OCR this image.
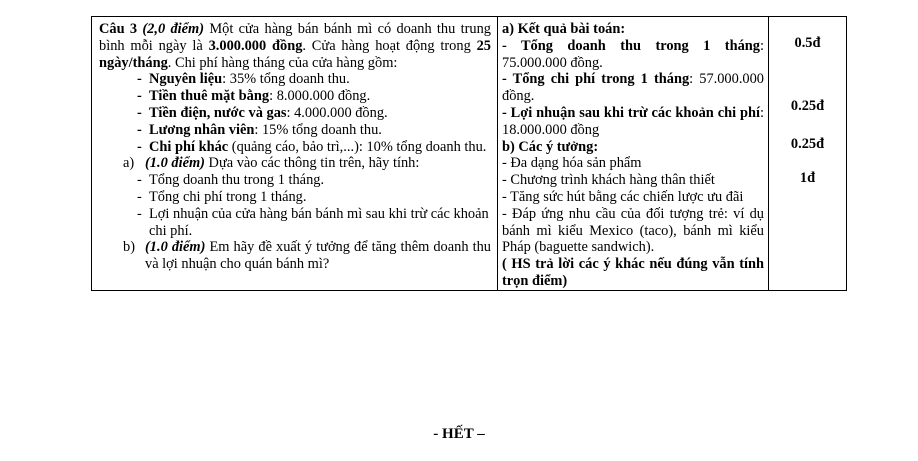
Câu 3 (2,0 điểm) Một cửa hàng bán bánh mì có doanh thu trung bình mỗi ngày là 3.000.000 đồng. Cửa hàng hoạt động trong 25 ngày/tháng. Chi phí hàng tháng của cửa hàng gồm:

- Nguyên liệu: 35% tổng doanh thu.
- Tiền thuê mặt bằng: 8.000.000 đồng.
- Tiền điện, nước và gas: 4.000.000 đồng.
- Lương nhân viên: 15% tổng doanh thu.
- Chi phí khác (quảng cáo, bảo trì,...): 10% tổng doanh thu.
a) (1.0 điểm) Dựa vào các thông tin trên, hãy tính:
- Tổng doanh thu trong 1 tháng.
- Tổng chi phí trong 1 tháng.
- Lợi nhuận của cửa hàng bán bánh mì sau khi trừ các khoản chi phí.
b) (1.0 điểm) Em hãy đề xuất ý tưởng để tăng thêm doanh thu và lợi nhuận cho quán bánh mì?

a) Kết quả bài toán:
- Tổng doanh thu trong 1 tháng: 75.000.000 đồng.
- Tổng chi phí trong 1 tháng: 57.000.000 đồng.
- Lợi nhuận sau khi trừ các khoản chi phí: 18.000.000 đồng
b) Các ý tưởng:
- Đa dạng hóa sản phẩm
- Chương trình khách hàng thân thiết
- Tăng sức hút bằng các chiến lược ưu đãi
- Đáp ứng nhu cầu của đối tượng trẻ: ví dụ bánh mì kiểu Mexico (taco), bánh mì kiểu Pháp (baguette sandwich).
( HS trả lời các ý khác nếu đúng vẫn tính trọn điểm)

0.5đ
0.25đ
0.25đ
1đ
- HẾT –
